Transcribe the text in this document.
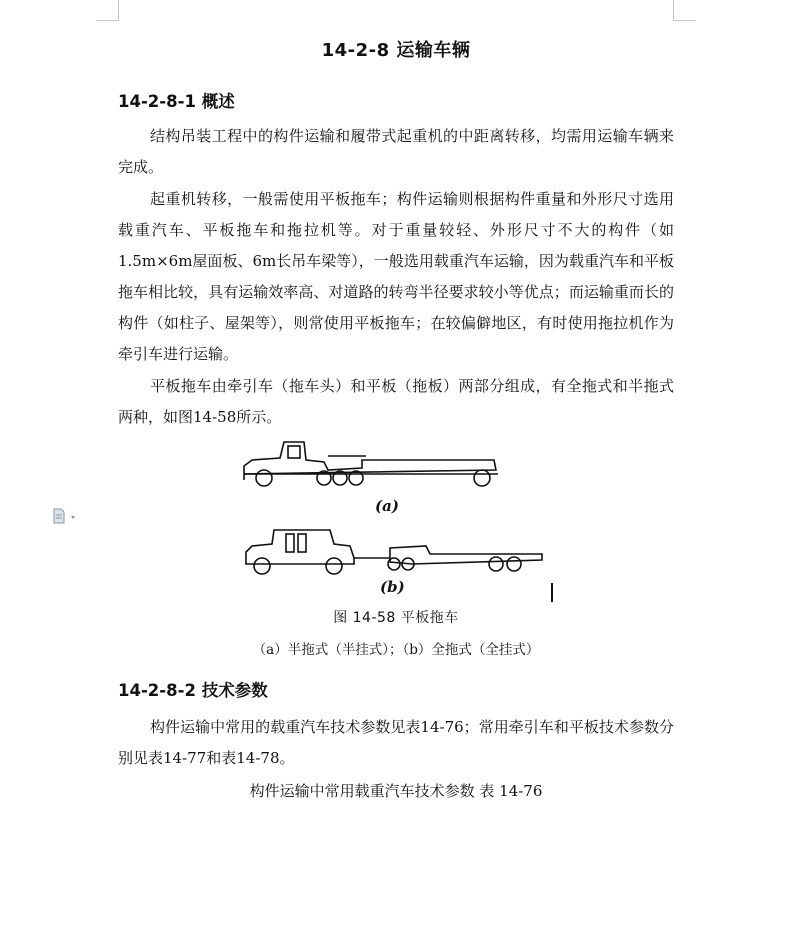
14-2-8 运输车辆
14-2-8-1 概述

结构吊装工程中的构件运输和履带式起重机的中距离转移，均需用运输车辆来完成。

起重机转移，一般需使用平板拖车；构件运输则根据构件重量和外形尺寸选用载重汽车、平板拖车和拖拉机等。对于重量较轻、外形尺寸不大的构件（如1.5m×6m屋面板、6m长吊车梁等），一般选用载重汽车运输，因为载重汽车和平板拖车相比较，具有运输效率高、对道路的转弯半径要求较小等优点；而运输重而长的构件（如柱子、屋架等），则常使用平板拖车；在较偏僻地区，有时使用拖拉机作为牵引车进行运输。

平板拖车由牵引车（拖车头）和平板（拖板）两部分组成，有全拖式和半拖式两种，如图14-58所示。

(a)
(b)
图 14-58 平板拖车
（a）半拖式（半挂式）；（b）全拖式（全挂式）
14-2-8-2 技术参数

构件运输中常用的载重汽车技术参数见表14-76；常用牵引车和平板技术参数分别见表14-77和表14-78。

构件运输中常用载重汽车技术参数 表 14-76
